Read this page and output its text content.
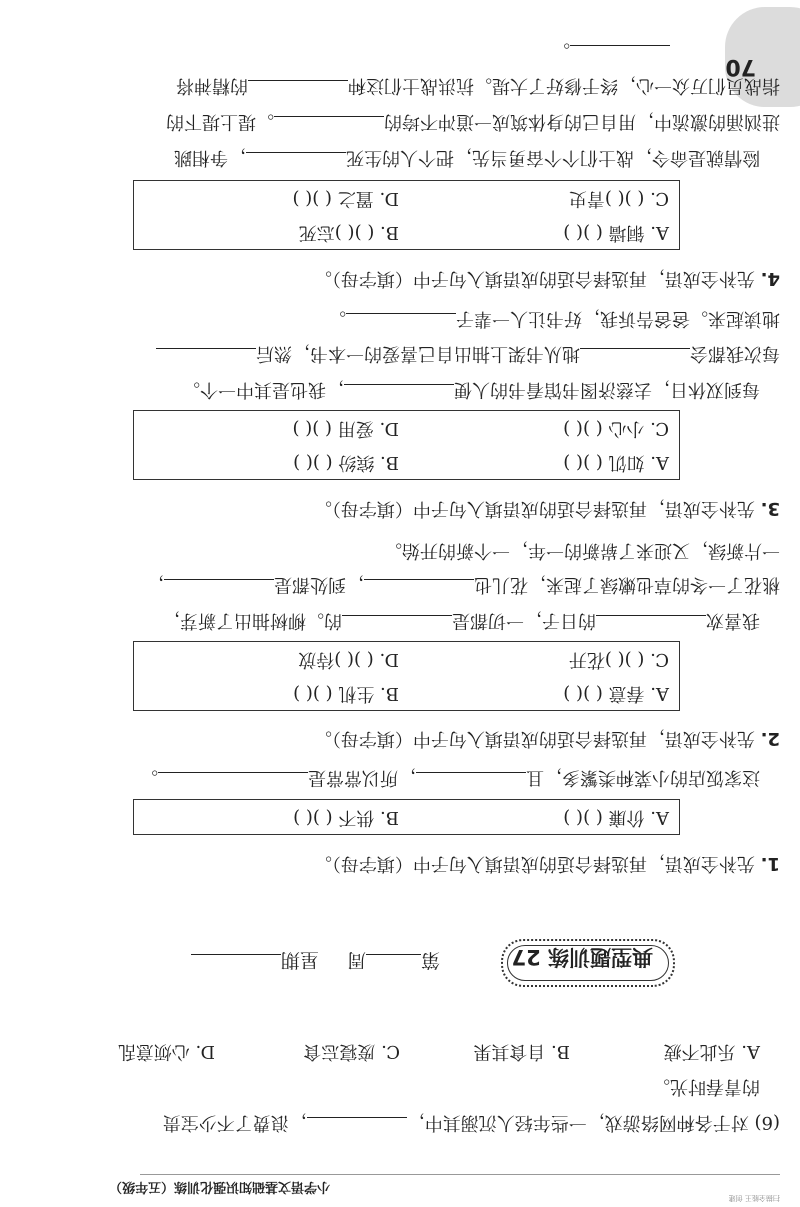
扫描全能王 创建
小学语文基础知识强化训练（五年级）
70
(6) 对于各种网络游戏，一些年轻人沉溺其中，，浪费了不少宝贵
的青春时光。
A. 乐此不疲
B. 自食其果
C. 废寝忘食
D. 心烦意乱
典型题训练 27
第周 星期
1. 先补全成语，再选择合适的成语填入句子中（填字母）。
A. 价廉 ( )( )
B. 供不 ( )( )
这家饭店的小菜种类繁多，且，所以常常是。
2. 先补全成语，再选择合适的成语填入句子中（填字母）。
A. 春意 ( )( )
B. 生机 ( )( )
C. ( )( )花开
D. ( )( )待放
我喜欢的日子，一切都是的。柳树抽出了新芽，
桃花了一冬的草也嫩绿了起来，花儿也，到处都是，
一片新绿，又迎来了崭新的一年，一个新的开始。
3. 先补全成语，再选择合适的成语填入句子中（填字母）。
A. 如饥 ( )( )
B. 缤纷 ( )( )
C. 小心 ( )( )
D. 爱用 ( )( )
每到双休日，去慈济图书馆看书的人便，我也是其中一个。
每次我都会地从书架上抽出自己喜爱的一本书，然后
地读起来。爸爸告诉我，好书让人一辈子。
4. 先补全成语，再选择合适的成语填入句子中（填字母）。
A. 铜墙 ( )( )
B. ( )( )忘死
C. ( )( )青史
D. 置之 ( )( )
险情就是命令，战士们个个奋勇当先，把个人的生死，争相跳
进汹涌的激流中，用自己的身体筑成一道冲不垮的。堤上堤下的
指战员们万众一心，终于修好了大堤。抗洪战士们这种的精神将
。
